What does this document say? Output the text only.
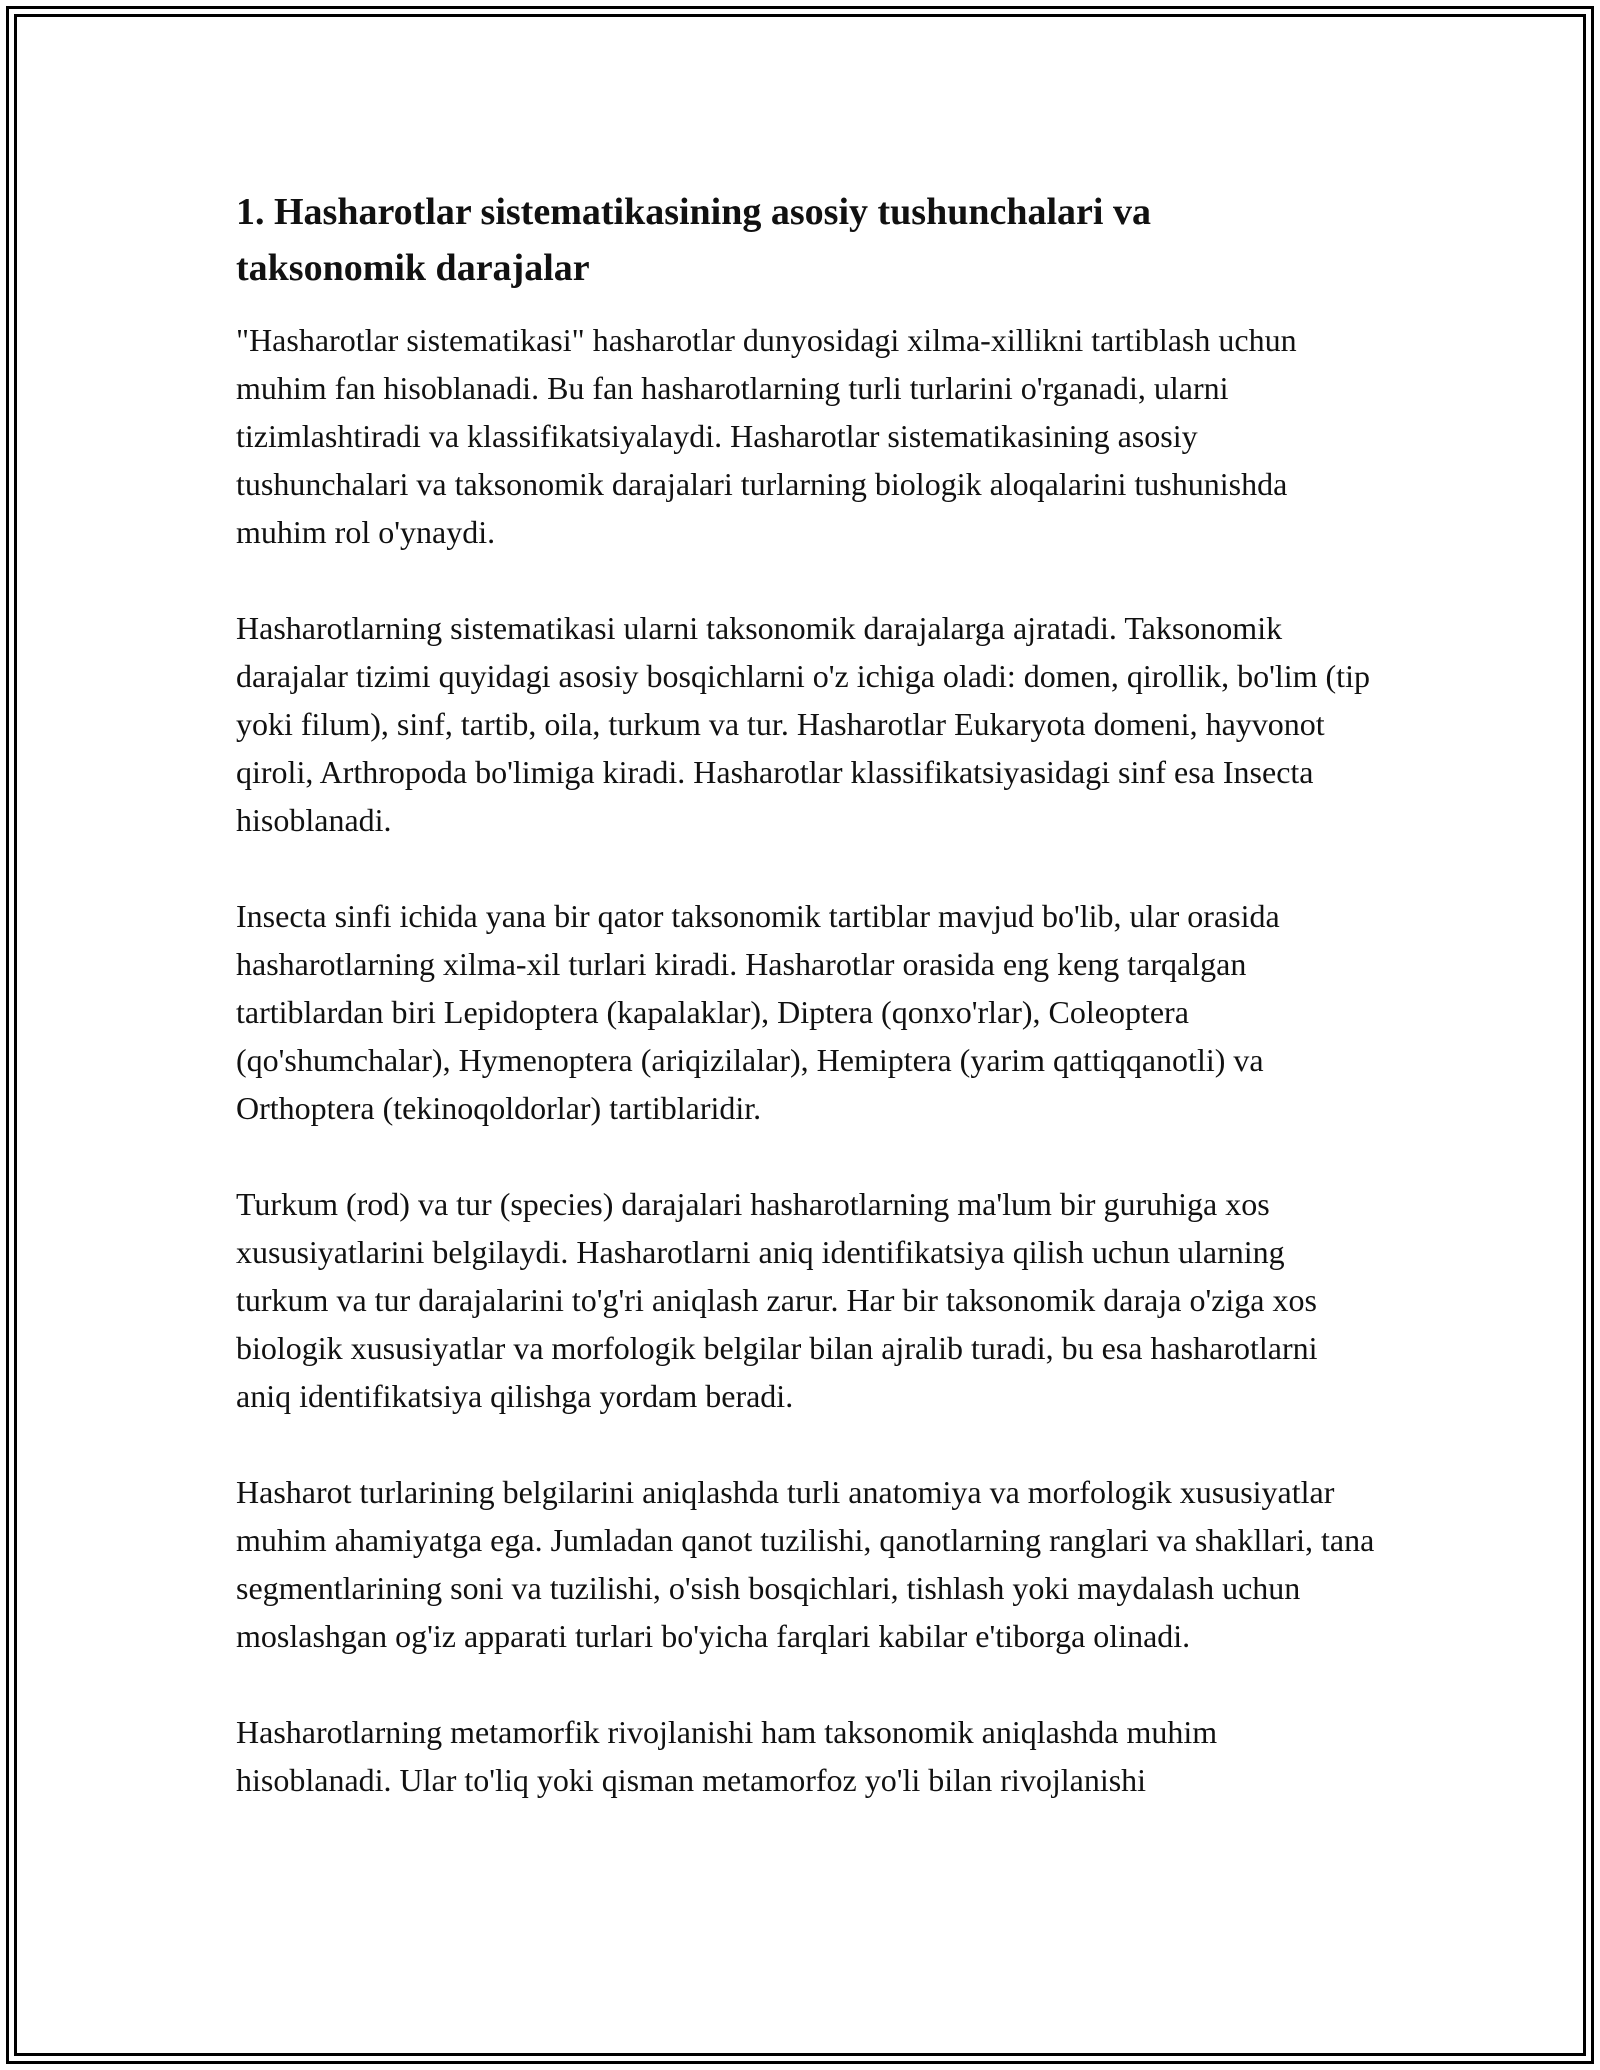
1. Hasharotlar sistematikasining asosiy tushunchalari va taksonomik darajalar

"Hasharotlar sistematikasi" hasharotlar dunyosidagi xilma-xillikni tartiblash uchun muhim fan hisoblanadi. Bu fan hasharotlarning turli turlarini o'rganadi, ularni tizimlashtiradi va klassifikatsiyalaydi. Hasharotlar sistematikasining asosiy tushunchalari va taksonomik darajalari turlarning biologik aloqalarini tushunishda muhim rol o'ynaydi.

Hasharotlarning sistematikasi ularni taksonomik darajalarga ajratadi. Taksonomik darajalar tizimi quyidagi asosiy bosqichlarni o'z ichiga oladi: domen, qirollik, bo'lim (tip yoki filum), sinf, tartib, oila, turkum va tur. Hasharotlar Eukaryota domeni, hayvonot qiroli, Arthropoda bo'limiga kiradi. Hasharotlar klassifikatsiyasidagi sinf esa Insecta hisoblanadi.

Insecta sinfi ichida yana bir qator taksonomik tartiblar mavjud bo'lib, ular orasida hasharotlarning xilma-xil turlari kiradi. Hasharotlar orasida eng keng tarqalgan tartiblardan biri Lepidoptera (kapalaklar), Diptera (qonxo'rlar), Coleoptera (qo'shumchalar), Hymenoptera (ariqizilalar), Hemiptera (yarim qattiqqanotli) va Orthoptera (tekinoqoldorlar) tartiblaridir.

Turkum (rod) va tur (species) darajalari hasharotlarning ma'lum bir guruhiga xos xususiyatlarini belgilaydi. Hasharotlarni aniq identifikatsiya qilish uchun ularning turkum va tur darajalarini to'g'ri aniqlash zarur. Har bir taksonomik daraja o'ziga xos biologik xususiyatlar va morfologik belgilar bilan ajralib turadi, bu esa hasharotlarni aniq identifikatsiya qilishga yordam beradi.

Hasharot turlarining belgilarini aniqlashda turli anatomiya va morfologik xususiyatlar muhim ahamiyatga ega. Jumladan qanot tuzilishi, qanotlarning ranglari va shakllari, tana segmentlarining soni va tuzilishi, o'sish bosqichlari, tishlash yoki maydalash uchun moslashgan og'iz apparati turlari bo'yicha farqlari kabilar e'tiborga olinadi.

Hasharotlarning metamorfik rivojlanishi ham taksonomik aniqlashda muhim hisoblanadi. Ular to'liq yoki qisman metamorfoz yo'li bilan rivojlanishi
